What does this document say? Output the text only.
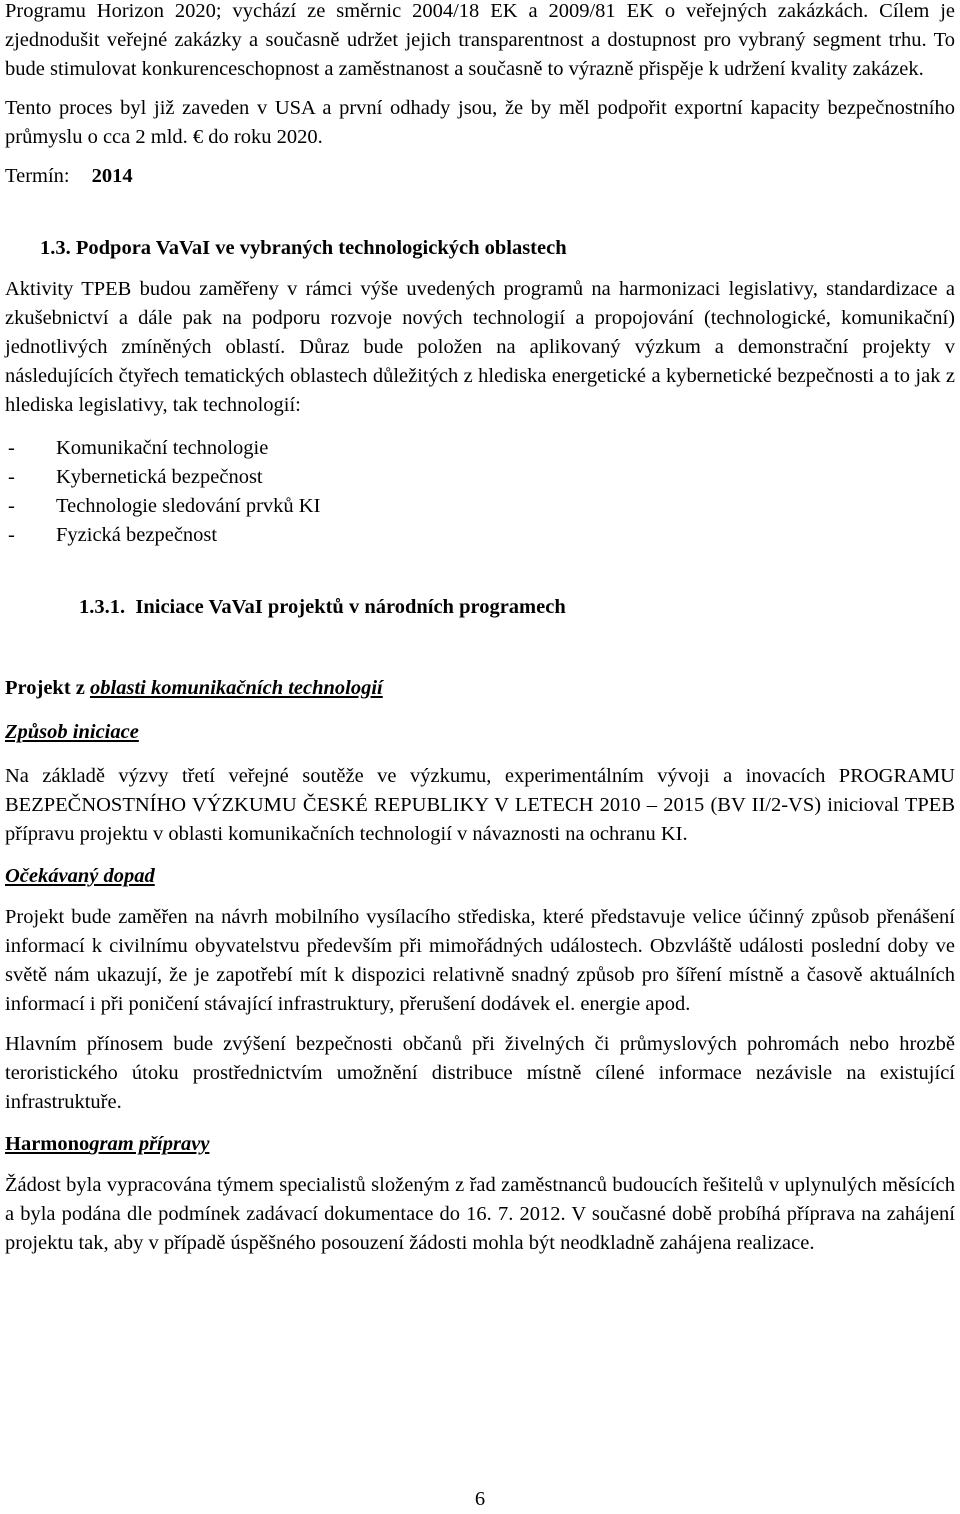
Programu Horizon 2020; vychází ze směrnic 2004/18 EK a 2009/81 EK o veřejných zakázkách. Cílem je zjednodušit veřejné zakázky a současně udržet jejich transparentnost a dostupnost pro vybraný segment trhu. To bude stimulovat konkurenceschopnost a zaměstnanost a současně to výrazně přispěje k udržení kvality zakázek.

Tento proces byl již zaveden v USA a první odhady jsou, že by měl podpořit exportní kapacity bezpečnostního průmyslu o cca 2 mld. € do roku 2020.

Termín: 2014

1.3. Podpora VaVaI ve vybraných technologických oblastech

Aktivity TPEB budou zaměřeny v rámci výše uvedených programů na harmonizaci legislativy, standardizace a zkušebnictví a dále pak na podporu rozvoje nových technologií a propojování (technologické, komunikační) jednotlivých zmíněných oblastí. Důraz bude položen na aplikovaný výzkum a demonstrační projekty v následujících čtyřech tematických oblastech důležitých z hlediska energetické a kybernetické bezpečnosti a to jak z hlediska legislativy, tak technologií:

-	Komunikační technologie
-	Kybernetická bezpečnost
-	Technologie sledování prvků KI
-	Fyzická bezpečnost

1.3.1. Iniciace VaVaI projektů v národních programech

Projekt z oblasti komunikačních technologií

Způsob iniciace

Na základě výzvy třetí veřejné soutěže ve výzkumu, experimentálním vývoji a inovacích PROGRAMU BEZPEČNOSTNÍHO VÝZKUMU ČESKÉ REPUBLIKY V LETECH 2010 – 2015 (BV II/2-VS) inicioval TPEB přípravu projektu v oblasti komunikačních technologií v návaznosti na ochranu KI.

Očekávaný dopad

Projekt bude zaměřen na návrh mobilního vysílacího střediska, které představuje velice účinný způsob přenášení informací k civilnímu obyvatelstvu především při mimořádných událostech. Obzvláště události poslední doby ve světě nám ukazují, že je zapotřebí mít k dispozici relativně snadný způsob pro šíření místně a časově aktuálních informací i při poničení stávající infrastruktury, přerušení dodávek el. energie apod.

Hlavním přínosem bude zvýšení bezpečnosti občanů při živelných či průmyslových pohromách nebo hrozbě teroristického útoku prostřednictvím umožnění distribuce místně cílené informace nezávisle na existující infrastruktuře.

Harmonogram přípravy

Žádost byla vypracována týmem specialistů složeným z řad zaměstnanců budoucích řešitelů v uplynulých měsících a byla podána dle podmínek zadávací dokumentace do 16. 7. 2012. V současné době probíhá příprava na zahájení projektu tak, aby v případě úspěšného posouzení žádosti mohla být neodkladně zahájena realizace.

6
